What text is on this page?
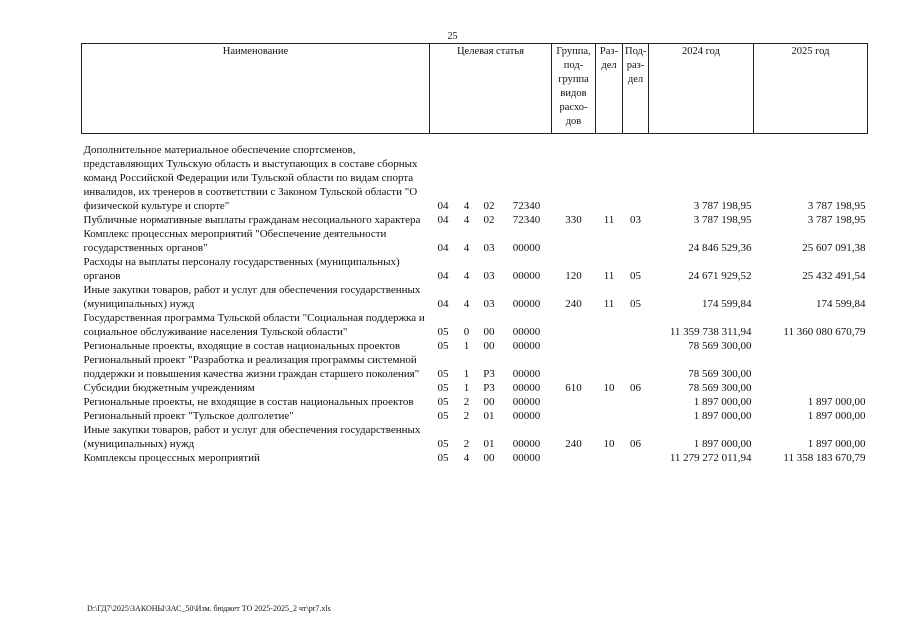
25
Наименование	Целевая статья				Группа, под- группа видов расхо- дов	Раз- дел	Под- раз- дел	2024 год	2025 год

Дополнительное материальное обеспечение спортсменов, представляющих Тульскую область и выступающих в составе сборных команд Российской Федерации или Тульской области по видам спорта инвалидов, их тренеров в соответствии с Законом Тульской области "О физической культуре и спорте"	04	4	02	72340				3 787 198,95	3 787 198,95
Публичные нормативные выплаты гражданам несоциального характера	04	4	02	72340	330	11	03	3 787 198,95	3 787 198,95
Комплекс процессных мероприятий "Обеспечение деятельности государственных органов"	04	4	03	00000				24 846 529,36	25 607 091,38
Расходы на выплаты персоналу государственных (муниципальных) органов	04	4	03	00000	120	11	05	24 671 929,52	25 432 491,54
Иные закупки товаров, работ и услуг для обеспечения государственных (муниципальных) нужд	04	4	03	00000	240	11	05	174 599,84	174 599,84
Государственная программа Тульской области "Социальная поддержка и социальное обслуживание населения Тульской области"	05	0	00	00000				11 359 738 311,94	11 360 080 670,79
Региональные проекты, входящие в состав национальных проектов	05	1	00	00000				78 569 300,00	
Региональный проект "Разработка и реализация программы системной поддержки и повышения качества жизни граждан старшего поколения"	05	1	P3	00000				78 569 300,00	
Субсидии бюджетным учреждениям	05	1	P3	00000	610	10	06	78 569 300,00	
Региональные проекты, не входящие в состав национальных проектов	05	2	00	00000				1 897 000,00	1 897 000,00
Региональный проект "Тульское долголетие"	05	2	01	00000				1 897 000,00	1 897 000,00
Иные закупки товаров, работ и услуг для обеспечения государственных (муниципальных) нужд	05	2	01	00000	240	10	06	1 897 000,00	1 897 000,00
Комплексы процессных мероприятий	05	4	00	00000				11 279 272 011,94	11 358 183 670,79
D:\ГД7\2025\ЗАКОНЫ\ЗАС_50\Изм. бюджет ТО 2025-2025_2 чт\pr7.xls
